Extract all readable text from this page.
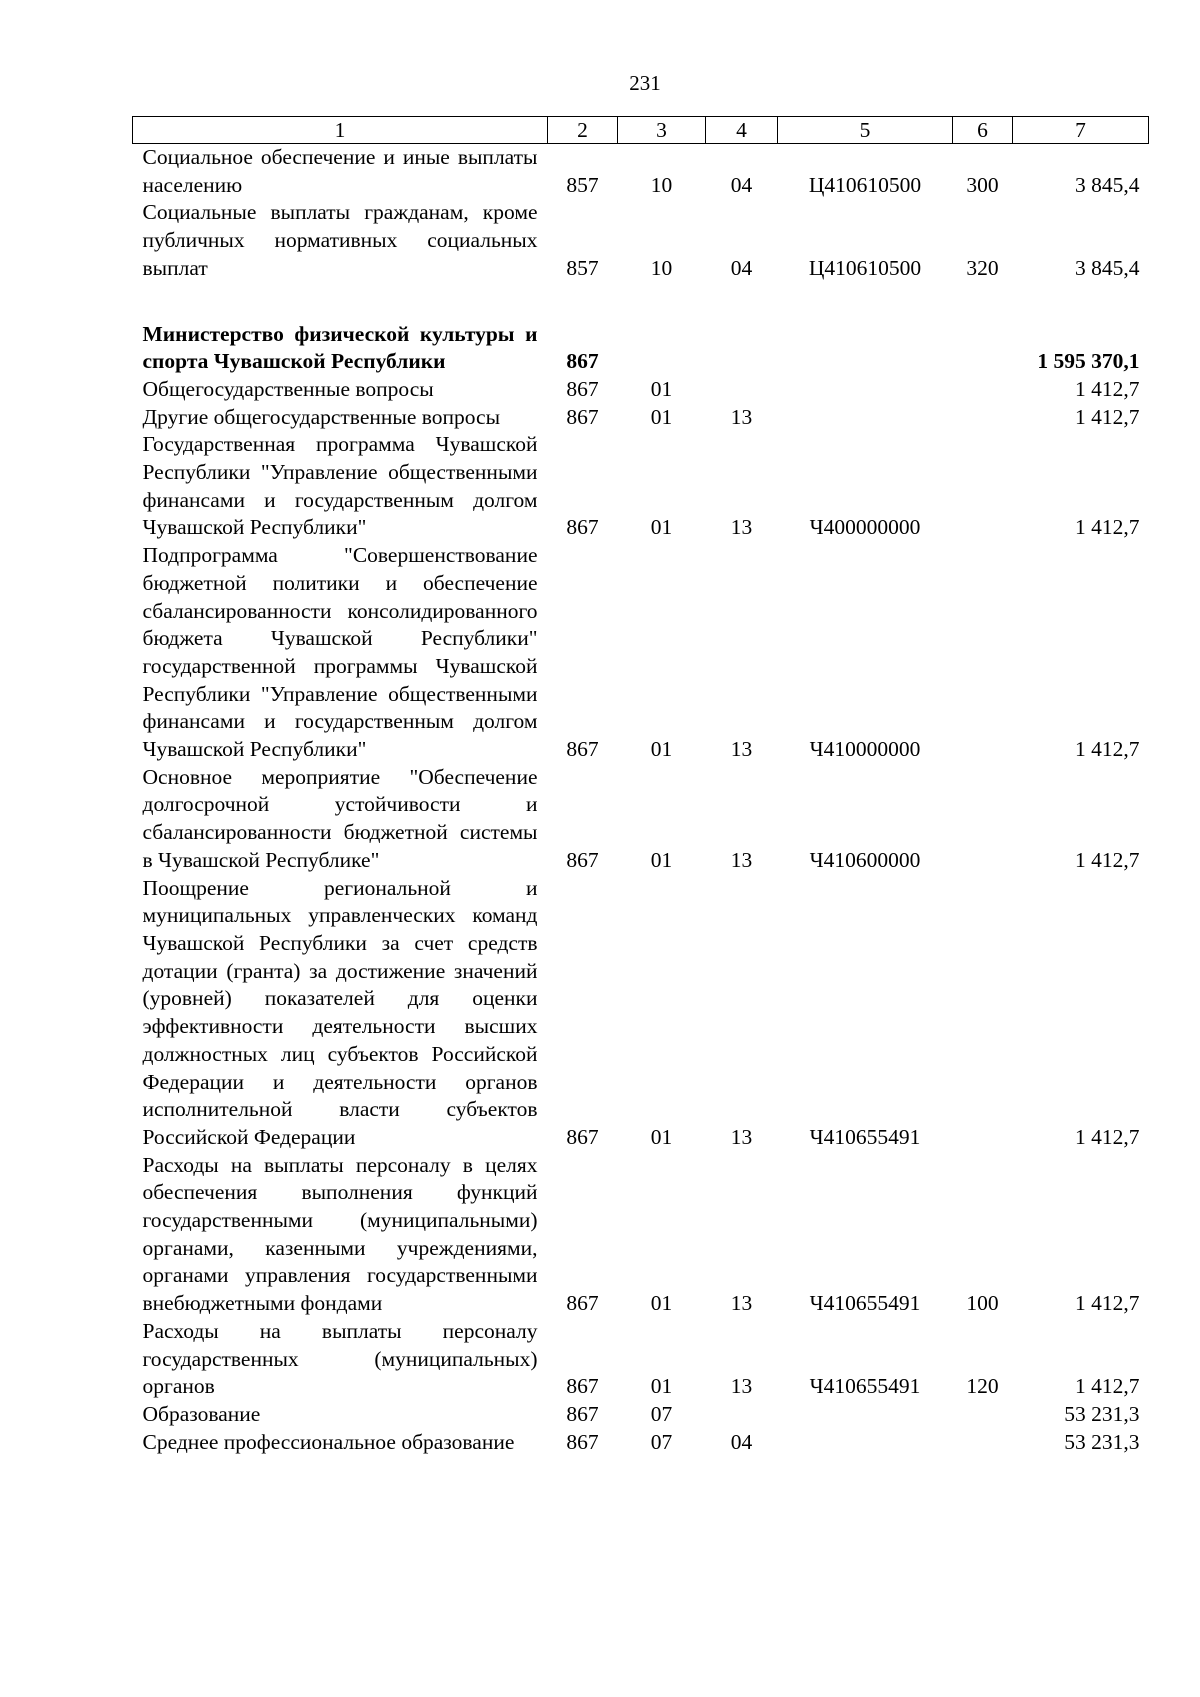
231
1	2	3	4	5	6	7
Социальное обеспечение и иные выплаты населению	857	10	04	Ц410610500	300	3 845,4
Социальные выплаты гражданам, кроме публичных нормативных социальных выплат	857	10	04	Ц410610500	320	3 845,4

Министерство физической культуры и спорта Чувашской Республики	867					1 595 370,1
Общегосударственные вопросы	867	01				1 412,7
Другие общегосударственные вопросы	867	01	13			1 412,7
Государственная программа Чувашской Республики "Управление общественными финансами и государственным долгом Чувашской Республики"	867	01	13	Ч400000000		1 412,7
Подпрограмма "Совершенствование бюджетной политики и обеспечение сбалансированности консолидированного бюджета Чувашской Республики" государственной программы Чувашской Республики "Управление общественными финансами и государственным долгом Чувашской Республики"	867	01	13	Ч410000000		1 412,7
Основное мероприятие "Обеспечение долгосрочной устойчивости и сбалансированности бюджетной системы в Чувашской Республике"	867	01	13	Ч410600000		1 412,7
Поощрение региональной и муниципальных управленческих команд Чувашской Республики за счет средств дотации (гранта) за достижение значений (уровней) показателей для оценки эффективности деятельности высших должностных лиц субъектов Российской Федерации и деятельности органов исполнительной власти субъектов Российской Федерации	867	01	13	Ч410655491		1 412,7
Расходы на выплаты персоналу в целях обеспечения выполнения функций государственными (муниципальными) органами, казенными учреждениями, органами управления государственными внебюджетными фондами	867	01	13	Ч410655491	100	1 412,7
Расходы на выплаты персоналу государственных (муниципальных) органов	867	01	13	Ч410655491	120	1 412,7
Образование	867	07				53 231,3
Среднее профессиональное образование	867	07	04			53 231,3
